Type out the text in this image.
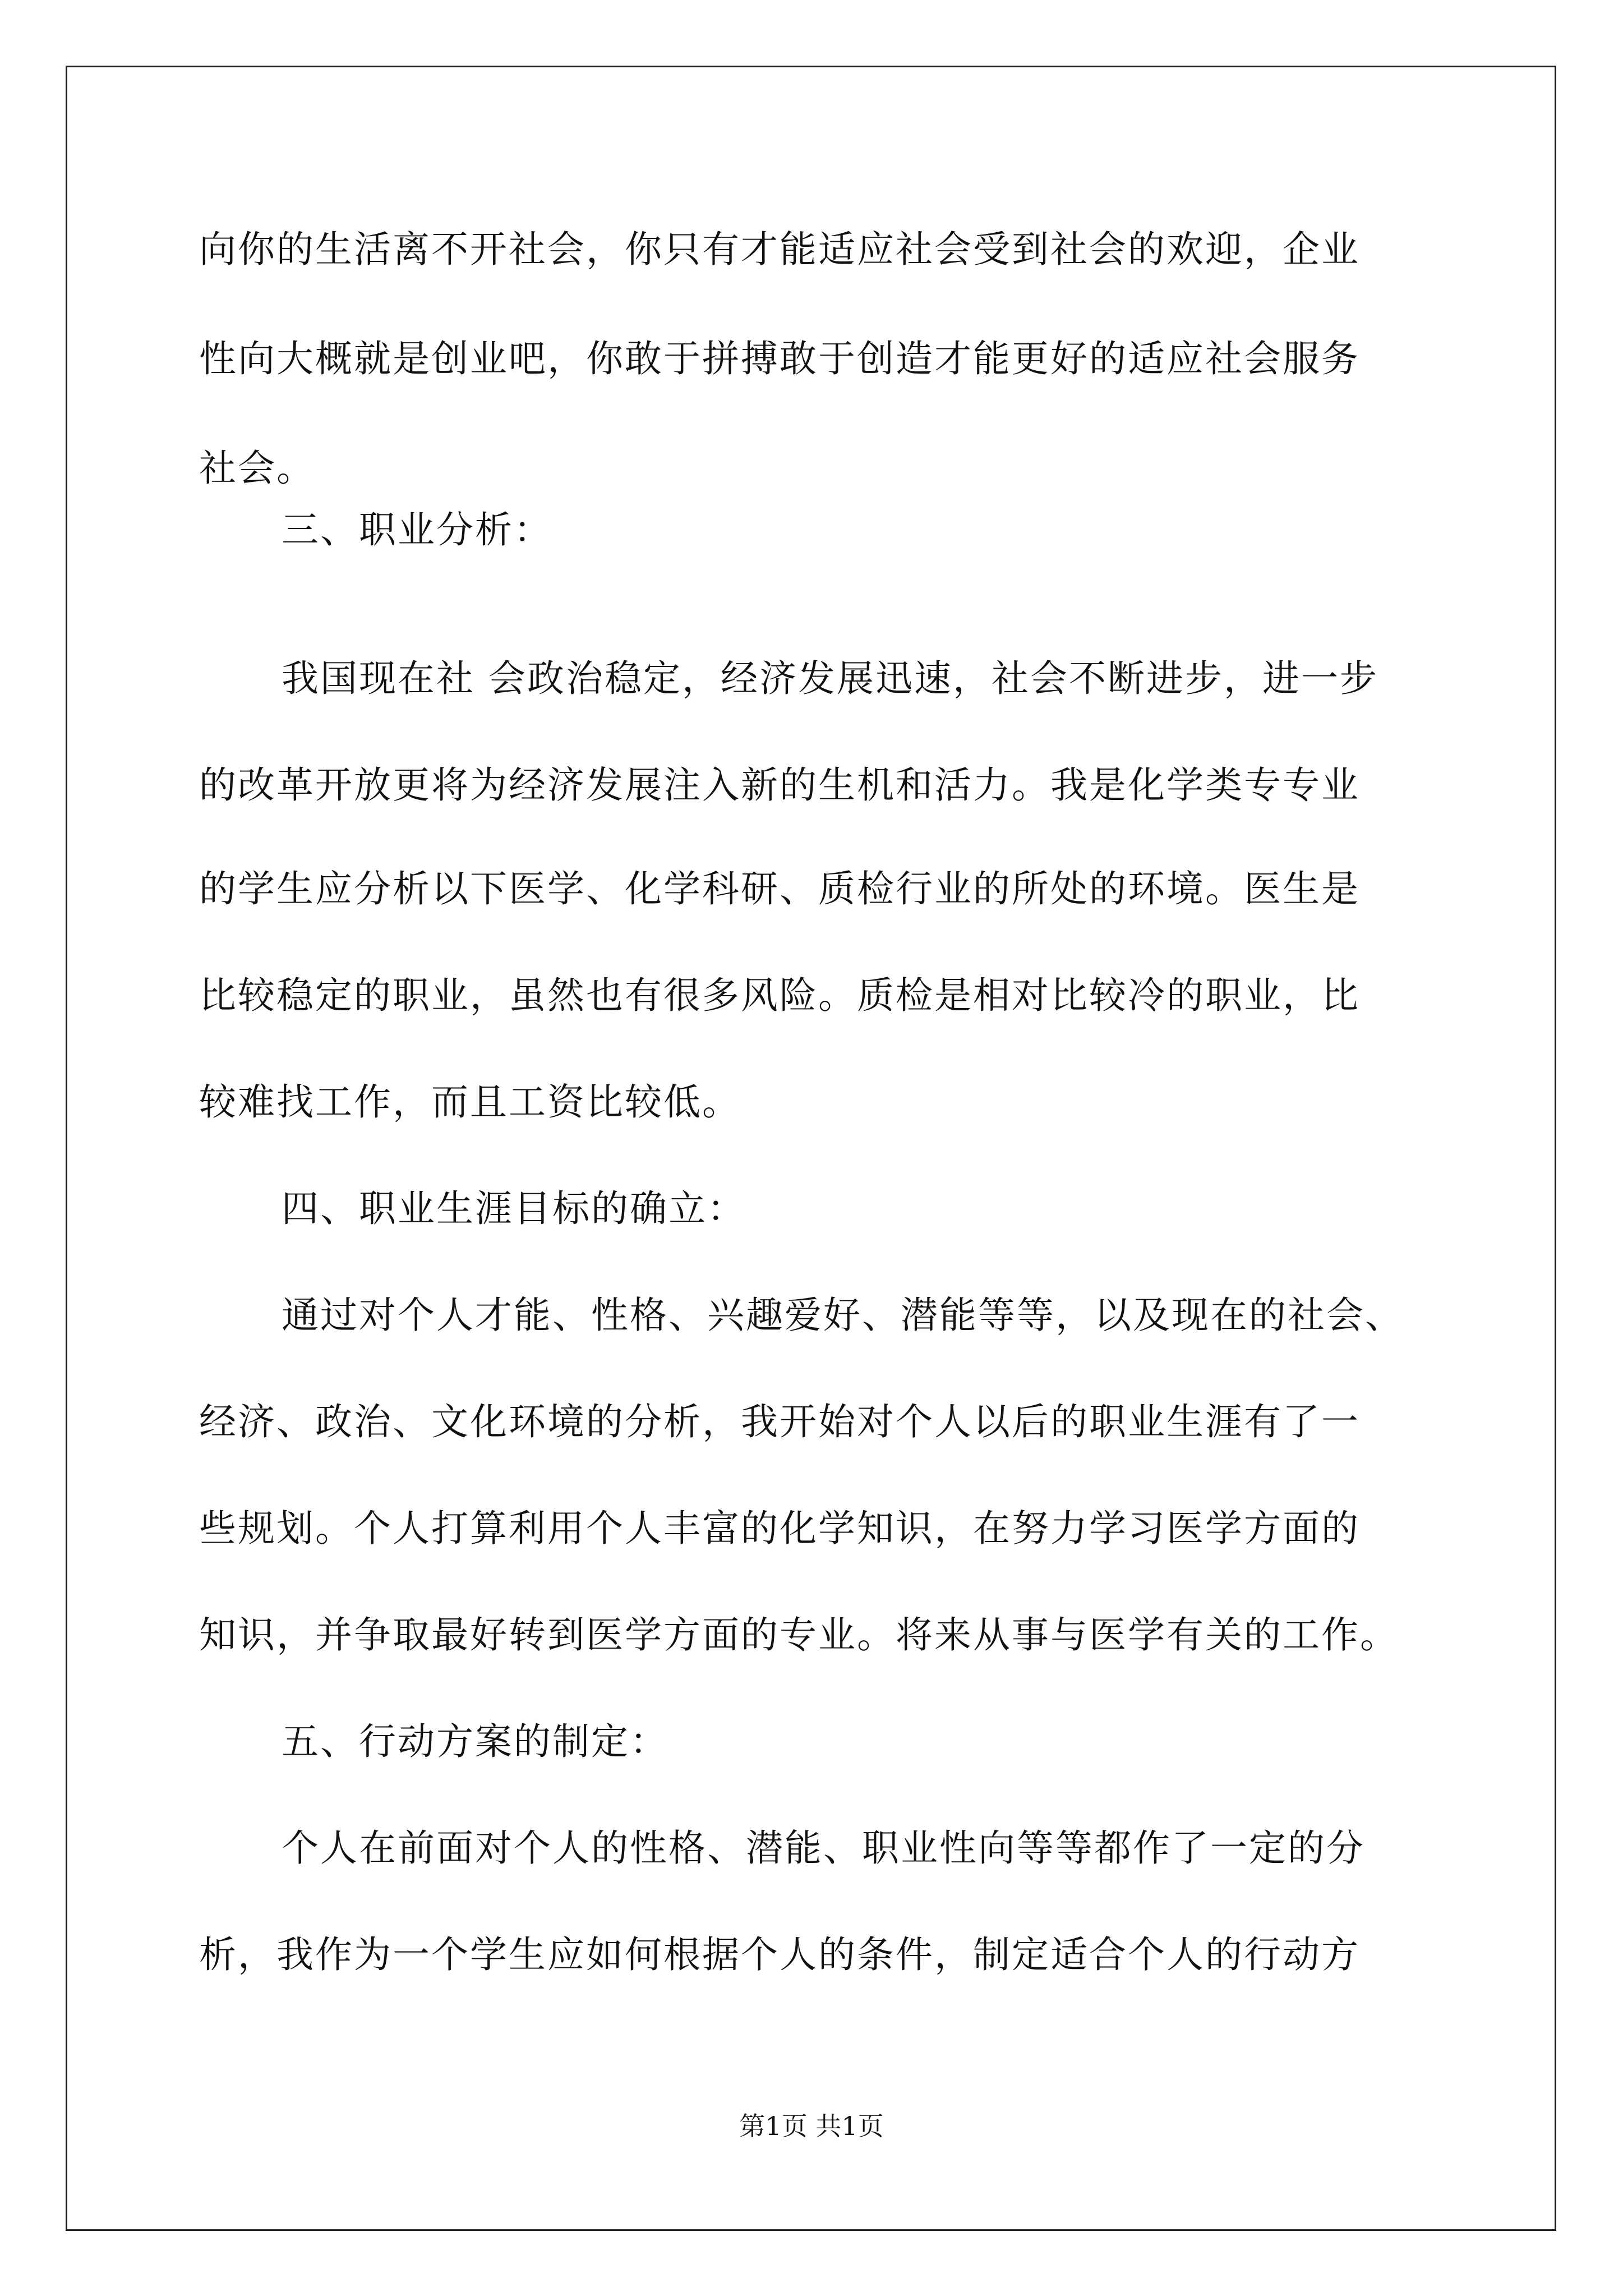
向你的生活离不开社会，你只有才能适应社会受到社会的欢迎，企业

性向大概就是创业吧，你敢于拼搏敢于创造才能更好的适应社会服务

社会。

三、职业分析：

我国现在社 会政治稳定，经济发展迅速，社会不断进步，进一步

的改革开放更将为经济发展注入新的生机和活力。我是化学类专专业

的学生应分析以下医学、化学科研、质检行业的所处的环境。医生是

比较稳定的职业，虽然也有很多风险。质检是相对比较冷的职业，比

较难找工作，而且工资比较低。

四、职业生涯目标的确立：

通过对个人才能、性格、兴趣爱好、潜能等等，以及现在的社会、

经济、政治、文化环境的分析，我开始对个人以后的职业生涯有了一

些规划。个人打算利用个人丰富的化学知识，在努力学习医学方面的

知识，并争取最好转到医学方面的专业。将来从事与医学有关的工作。

五、行动方案的制定：

个人在前面对个人的性格、潜能、职业性向等等都作了一定的分

析，我作为一个学生应如何根据个人的条件，制定适合个人的行动方

第1页 共1页
